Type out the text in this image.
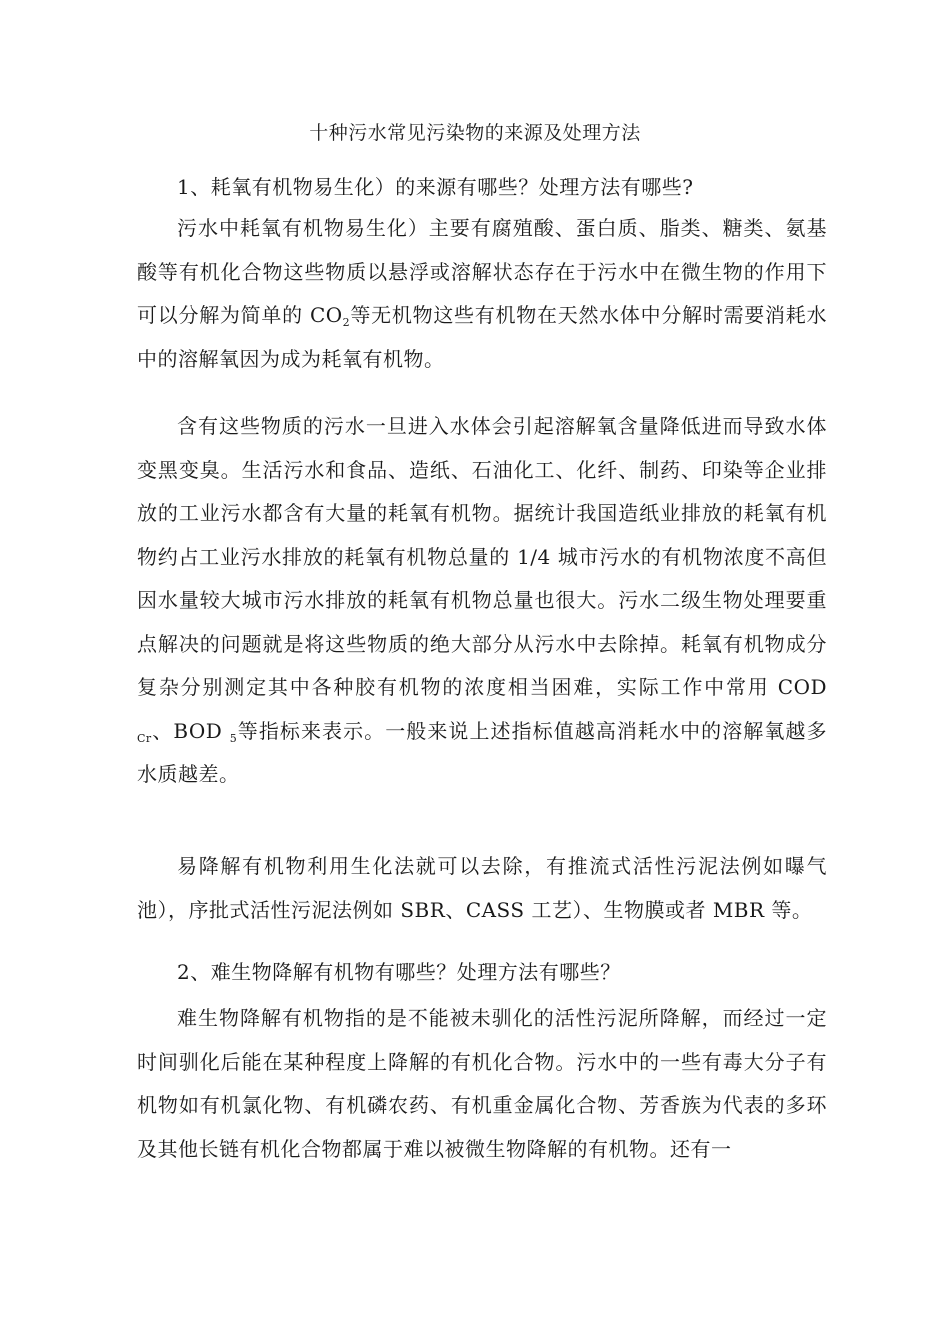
十种污水常见污染物的来源及处理方法
1、耗氧有机物易生化）的来源有哪些？处理方法有哪些?
污水中耗氧有机物易生化）主要有腐殖酸、蛋白质、脂类、糖类、氨基酸等有机化合物这些物质以悬浮或溶解状态存在于污水中在微生物的作用下可以分解为简单的 $CO_2$等无机物这些有机物在天然水体中分解时需要消耗水中的溶解氧因为成为耗氧有机物。
含有这些物质的污水一旦进入水体会引起溶解氧含量降低进而导致水体变黑变臭。生活污水和食品、造纸、石油化工、化纤、制药、印染等企业排放的工业污水都含有大量的耗氧有机物。据统计我国造纸业排放的耗氧有机物约占工业污水排放的耗氧有机物总量的 1/4 城市污水的有机物浓度不高但因水量较大城市污水排放的耗氧有机物总量也很大。污水二级生物处理要重点解决的问题就是将这些物质的绝大部分从污水中去除掉。耗氧有机物成分复杂分别测定其中各种胶有机物的浓度相当困难，实际工作中常用 COD $_{Cr}$、BOD $_5$等指标来表示。一般来说上述指标值越高消耗水中的溶解氧越多水质越差。
易降解有机物利用生化法就可以去除，有推流式活性污泥法例如曝气池），序批式活性污泥法例如 SBR、CASS 工艺）、生物膜或者 MBR 等。
2、难生物降解有机物有哪些？处理方法有哪些？
难生物降解有机物指的是不能被未驯化的活性污泥所降解，而经过一定时间驯化后能在某种程度上降解的有机化合物。污水中的一些有毒大分子有机物如有机氯化物、有机磷农药、有机重金属化合物、芳香族为代表的多环及其他长链有机化合物都属于难以被微生物降解的有机物。还有一
